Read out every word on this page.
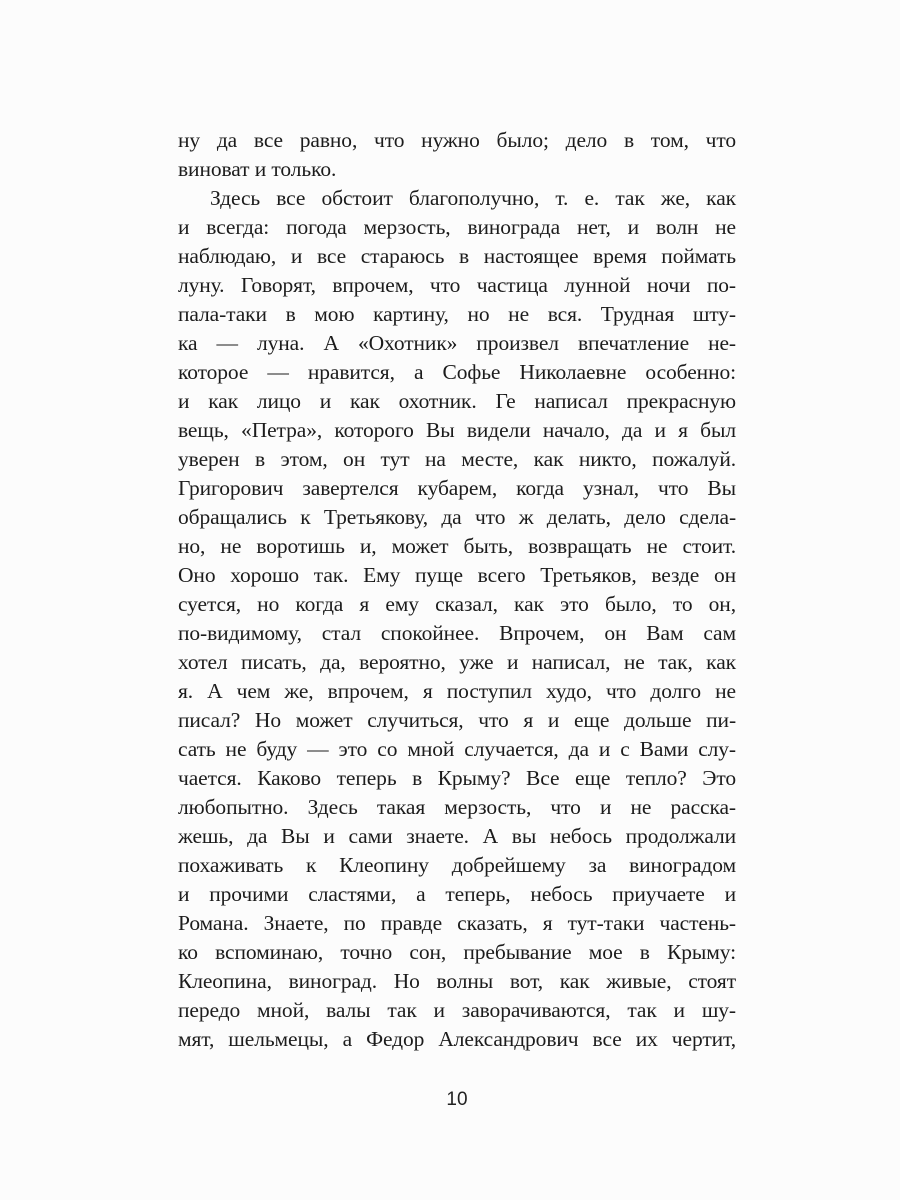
ну да все равно, что нужно было; дело в том, что
виноват и только.
Здесь все обстоит благополучно, т. е. так же, как
и всегда: погода мерзость, винограда нет, и волн не
наблюдаю, и все стараюсь в настоящее время поймать
луну. Говорят, впрочем, что частица лунной ночи по-
пала-таки в мою картину, но не вся. Трудная шту-
ка — луна. А «Охотник» произвел впечатление не-
которое — нравится, а Софье Николаевне особенно:
и как лицо и как охотник. Ге написал прекрасную
вещь, «Петра», которого Вы видели начало, да и я был
уверен в этом, он тут на месте, как никто, пожалуй.
Григорович завертелся кубарем, когда узнал, что Вы
обращались к Третьякову, да что ж делать, дело сдела-
но, не воротишь и, может быть, возвращать не стоит.
Оно хорошо так. Ему пуще всего Третьяков, везде он
суется, но когда я ему сказал, как это было, то он,
по-видимому, стал спокойнее. Впрочем, он Вам сам
хотел писать, да, вероятно, уже и написал, не так, как
я. А чем же, впрочем, я поступил худо, что долго не
писал? Но может случиться, что я и еще дольше пи-
сать не буду — это со мной случается, да и с Вами слу-
чается. Каково теперь в Крыму? Все еще тепло? Это
любопытно. Здесь такая мерзость, что и не расска-
жешь, да Вы и сами знаете. А вы небось продолжали
похаживать к Клеопину добрейшему за виноградом
и прочими сластями, а теперь, небось приучаете и
Романа. Знаете, по правде сказать, я тут-таки частень-
ко вспоминаю, точно сон, пребывание мое в Крыму:
Клеопина, виноград. Но волны вот, как живые, стоят
передо мной, валы так и заворачиваются, так и шу-
мят, шельмецы, а Федор Александрович все их чертит,
10
